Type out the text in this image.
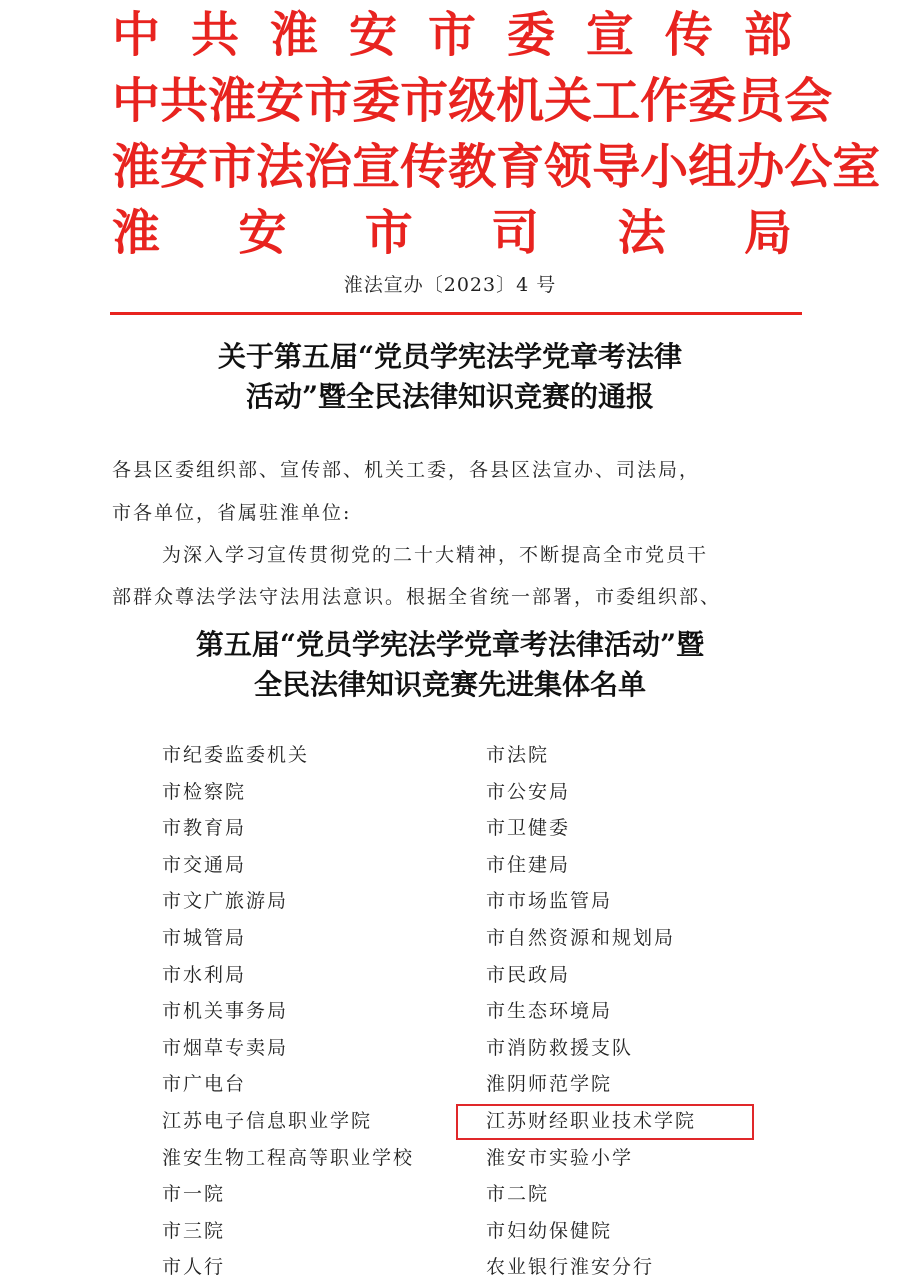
中 共 淮 安 市 委 宣 传 部
中 共 淮 安 市 委 市 级 机 关 工 作 委 员 会
淮 安 市 法 治 宣 传 教 育 领 导 小 组 办 公 室
淮 安 市 司 法 局
淮法宣办〔2023〕4 号
关于第五届“党员学宪法学党章考法律
活动”暨全民法律知识竞赛的通报
各县区委组织部、宣传部、机关工委，各县区法宣办、司法局，
市各单位，省属驻淮单位:
为深入学习宣传贯彻党的二十大精神，不断提高全市党员干
部群众尊法学法守法用法意识。根据全省统一部署，市委组织部、
第五届“党员学宪法学党章考法律活动”暨
全民法律知识竞赛先进集体名单
市纪委监委机关
市检察院
市教育局
市交通局
市文广旅游局
市城管局
市水利局
市机关事务局
市烟草专卖局
市广电台
江苏电子信息职业学院
淮安生物工程高等职业学校
市一院
市三院
市人行
市法院
市公安局
市卫健委
市住建局
市市场监管局
市自然资源和规划局
市民政局
市生态环境局
市消防救援支队
淮阴师范学院
江苏财经职业技术学院
淮安市实验小学
市二院
市妇幼保健院
农业银行淮安分行
